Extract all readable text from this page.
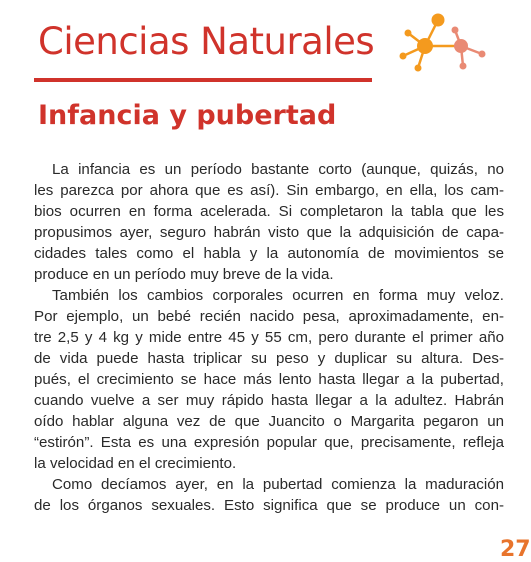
Ciencias Naturales
Infancia y pubertad
La infancia es un período bastante corto (aunque, quizás, no
les parezca por ahora que es así). Sin embargo, en ella, los cam-
bios ocurren en forma acelerada. Si completaron la tabla que les
propusimos ayer, seguro habrán visto que la adquisición de capa-
cidades tales como el habla y la autonomía de movimientos se
produce en un período muy breve de la vida.
También los cambios corporales ocurren en forma muy veloz.
Por ejemplo, un bebé recién nacido pesa, aproximadamente, en-
tre 2,5 y 4 kg y mide entre 45 y 55 cm, pero durante el primer año
de vida puede hasta triplicar su peso y duplicar su altura. Des-
pués, el crecimiento se hace más lento hasta llegar a la pubertad,
cuando vuelve a ser muy rápido hasta llegar a la adultez. Habrán
oído hablar alguna vez de que Juancito o Margarita pegaron un
“estirón”. Esta es una expresión popular que, precisamente, refleja
la velocidad en el crecimiento.
Como decíamos ayer, en la pubertad comienza la maduración
de los órganos sexuales. Esto significa que se produce un con-
27
